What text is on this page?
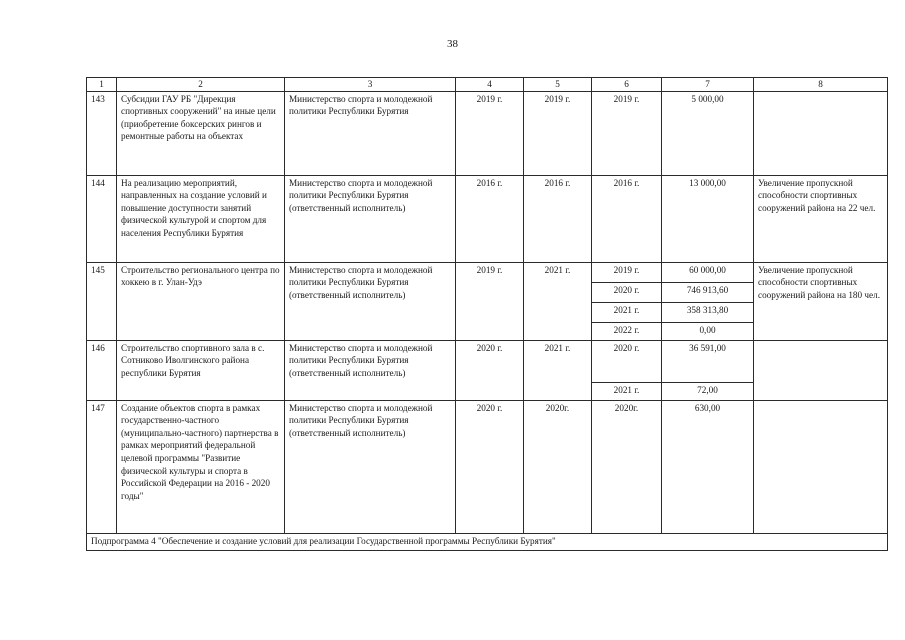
38
1	2	3	4	5	6	7	8
143	Субсидии ГАУ РБ "Дирекция спортивных сооружений" на иные цели (приобретение боксерских рингов и ремонтные работы на объектах	Министерство спорта и молодежной политики Республики Бурятия	2019 г.	2019 г.	2019 г.	5 000,00	
144	На реализацию мероприятий, направленных на создание условий и повышение доступности занятий физической культурой и спортом для населения Республики Бурятия	Министерство спорта и молодежной политики Республики Бурятия (ответственный исполнитель)	2016 г.	2016 г.	2016 г.	13 000,00	Увеличение пропускной способности спортивных сооружений района на 22 чел.
145	Строительство регионального центра по хоккею в г. Улан-Удэ	Министерство спорта и молодежной политики Республики Бурятия (ответственный исполнитель)	2019 г.	2021 г.	2019 г.	60 000,00	Увеличение пропускной способности спортивных сооружений района на 180 чел.
					2020 г.	746 913,60	
					2021 г.	358 313,80	
					2022 г.	0,00	
146	Строительство спортивного зала в с. Сотниково Иволгинского района республики Бурятия	Министерство спорта и молодежной политики Республики Бурятия (ответственный исполнитель)	2020 г.	2021 г.	2020 г.	36 591,00	
					2021 г.	72,00	
147	Создание объектов спорта в рамках государственно-частного (муниципально-частного) партнерства в рамках мероприятий федеральной целевой программы "Развитие физической культуры и спорта в Российской Федерации на 2016 - 2020 годы"	Министерство спорта и молодежной политики Республики Бурятия (ответственный исполнитель)	2020 г.	2020г.	2020г.	630,00	
Подпрограмма 4 "Обеспечение и создание условий для реализации Государственной программы Республики Бурятия"							
